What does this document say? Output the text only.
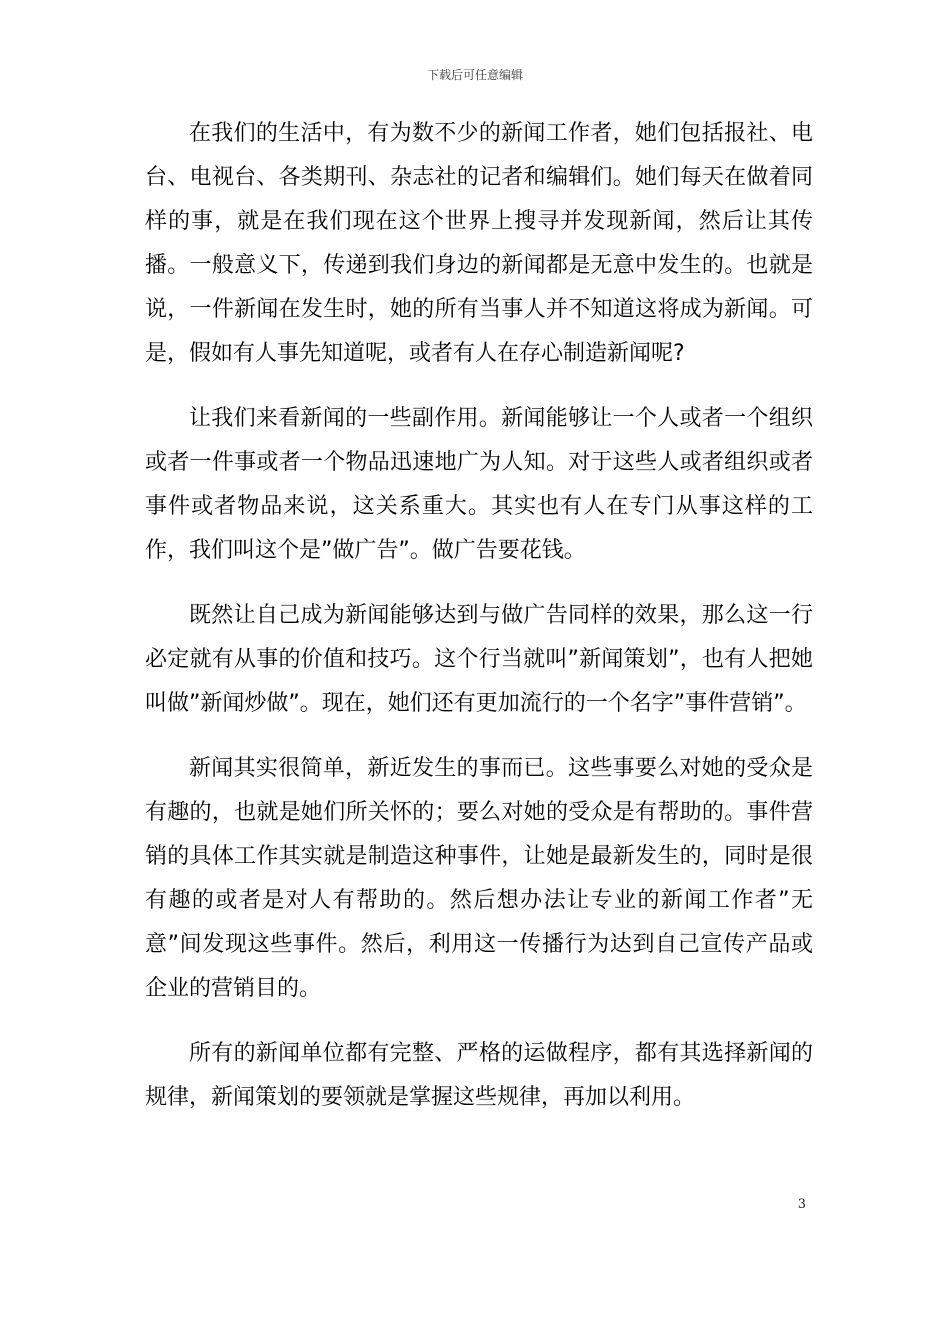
下载后可任意编辑

在我们的生活中，有为数不少的新闻工作者，她们包括报社、电台、电视台、各类期刊、杂志社的记者和编辑们。她们每天在做着同样的事，就是在我们现在这个世界上搜寻并发现新闻，然后让其传播。一般意义下，传递到我们身边的新闻都是无意中发生的。也就是说，一件新闻在发生时，她的所有当事人并不知道这将成为新闻。可是，假如有人事先知道呢，或者有人在存心制造新闻呢?

让我们来看新闻的一些副作用。新闻能够让一个人或者一个组织或者一件事或者一个物品迅速地广为人知。对于这些人或者组织或者事件或者物品来说，这关系重大。其实也有人在专门从事这样的工作，我们叫这个是”做广告”。做广告要花钱。

既然让自己成为新闻能够达到与做广告同样的效果，那么这一行必定就有从事的价值和技巧。这个行当就叫”新闻策划”，也有人把她叫做”新闻炒做”。现在，她们还有更加流行的一个名字”事件营销”。

新闻其实很简单，新近发生的事而已。这些事要么对她的受众是有趣的，也就是她们所关怀的；要么对她的受众是有帮助的。事件营销的具体工作其实就是制造这种事件，让她是最新发生的，同时是很有趣的或者是对人有帮助的。然后想办法让专业的新闻工作者”无意”间发现这些事件。然后，利用这一传播行为达到自己宣传产品或企业的营销目的。

所有的新闻单位都有完整、严格的运做程序，都有其选择新闻的规律，新闻策划的要领就是掌握这些规律，再加以利用。

3
